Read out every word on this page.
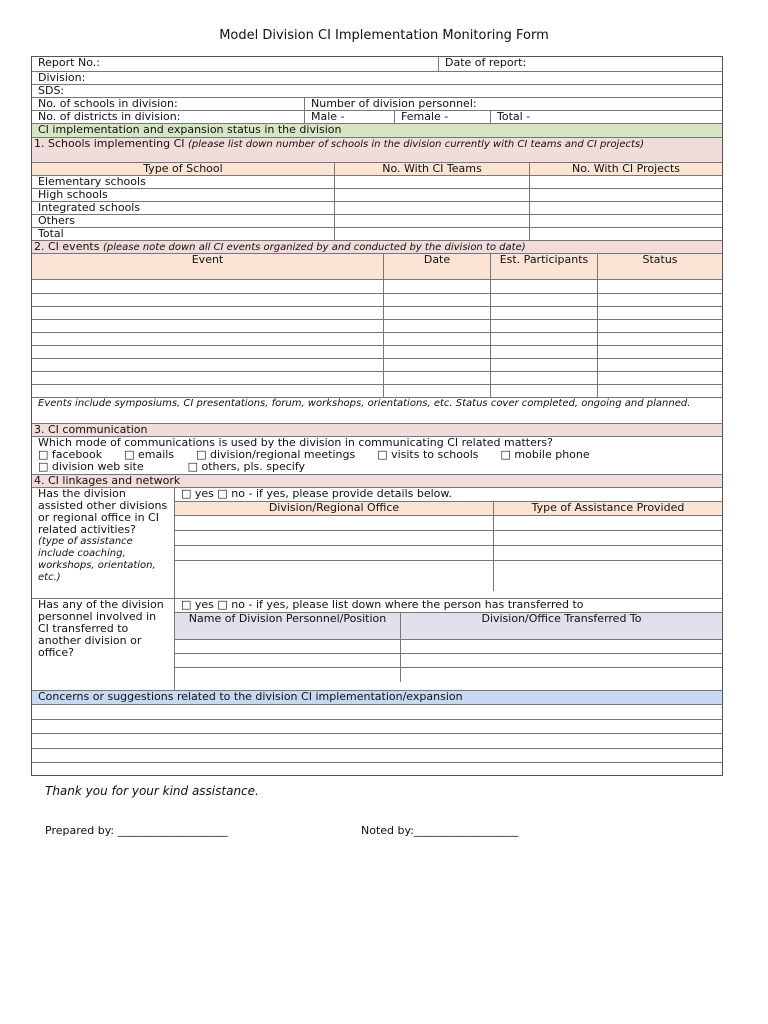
Model Division CI Implementation Monitoring Form
Report No.:	Date of report:
Division:
SDS:
No. of schools in division:	Number of division personnel:
No. of districts in division:	Male -	Female -	Total -
CI implementation and expansion status in the division
1. Schools implementing CI (please list down number of schools in the division currently with CI teams and CI projects)
Type of School	No. With CI Teams	No. With CI Projects
Elementary schools
High schools
Integrated schools
Others
Total
2. CI events (please note down all CI events organized by and conducted by the division to date)
Event	Date	Est. Participants	Status
Events include symposiums, CI presentations, forum, workshops, orientations, etc. Status cover completed, ongoing and planned.
3. CI communication
Which mode of communications is used by the division in communicating CI related matters?
□ facebook □ emails □ division/regional meetings □ visits to schools □ mobile phone
□ division web site	□ others, pls. specify
4. CI linkages and network
Has the division assisted other divisions or regional office in CI related activities?
(type of assistance include coaching, workshops, orientation, etc.)
□ yes □ no - if yes, please provide details below.
Division/Regional Office	Type of Assistance Provided
Has any of the division personnel involved in CI transferred to another division or office?
□ yes □ no - if yes, please list down where the person has transferred to
Name of Division Personnel/Position	Division/Office Transferred To
Concerns or suggestions related to the division CI implementation/expansion
Thank you for your kind assistance.
Prepared by: ____________________	Noted by:___________________
